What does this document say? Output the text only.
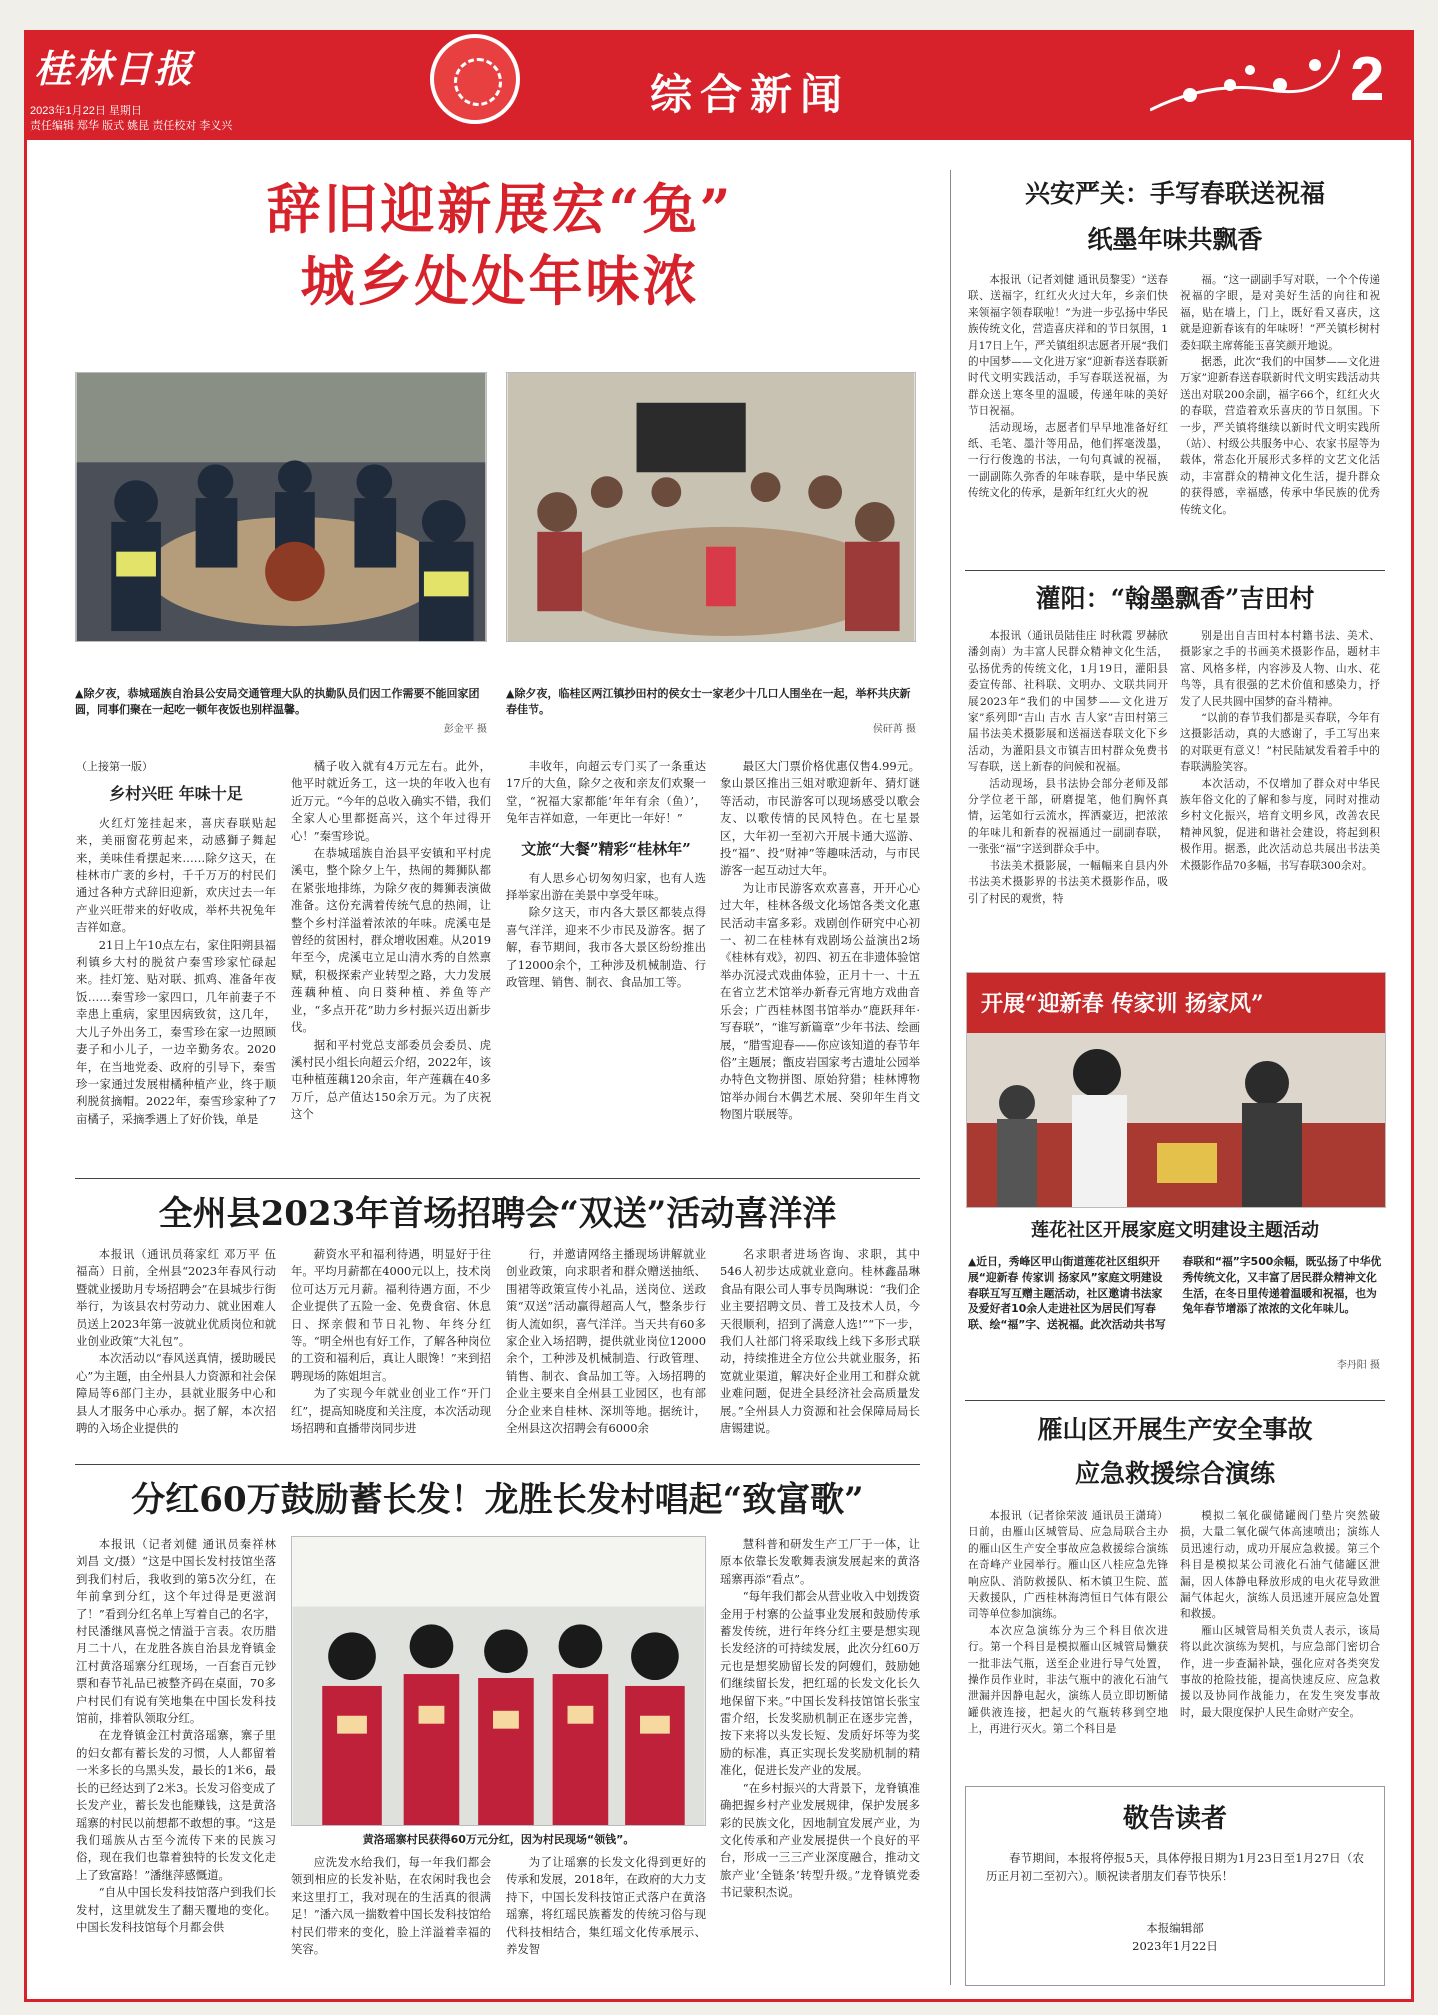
桂林日报
2023年1月22日 星期日
责任编辑 郑华 版式 姚昆 责任校对 李义兴
综合新闻	2
辞旧迎新展宏“兔”
城乡处处年味浓
▲除夕夜，恭城瑶族自治县公安局交通管理大队的执勤队员们因工作需要不能回家团圆，同事们聚在一起吃一顿年夜饭也别样温馨。
彭金平 摄
▲除夕夜，临桂区两江镇抄田村的侯女士一家老少十几口人围坐在一起，举杯共庆新春佳节。
侯矸苒 摄
（上接第一版）
乡村兴旺 年味十足

火红灯笼挂起来，喜庆春联贴起来，美丽窗花剪起来，动感獅子舞起来，美味佳肴摆起来……除夕这天，在桂林市广袤的乡村，千千万万的村民们通过各种方式辞旧迎新，欢庆过去一年产业兴旺带来的好收成，举杯共祝兔年吉祥如意。

21日上午10点左右，家住阳朔县福利镇乡大村的脱贫户秦雪珍家忙碌起来。挂灯笼、贴对联、抓鸡、准备年夜饭……秦雪珍一家四口，几年前妻子不幸患上重病，家里因病致贫，这几年，大儿子外出务工，秦雪珍在家一边照顾妻子和小儿子，一边辛勤务农。2020年，在当地党委、政府的引导下，秦雪珍一家通过发展柑橘种植产业，终于顺利脱贫摘帽。2022年，秦雪珍家种了7亩橘子，采摘季遇上了好价钱，单是

橘子收入就有4万元左右。此外，他平时就近务工，这一块的年收入也有近万元。“今年的总收入确实不错，我们全家人心里都挺高兴，这个年过得开心！”秦雪珍说。

在恭城瑶族自治县平安镇和平村虎溪屯，整个除夕上午，热闹的舞狮队都在紧张地排练，为除夕夜的舞狮表演做准备。这份充满着传统气息的热闹，让整个乡村洋溢着浓浓的年味。虎溪屯是曾经的贫困村，群众增收困难。从2019年至今，虎溪屯立足山清水秀的自然禀赋，积极探索产业转型之路，大力发展莲藕种植、向日葵种植、养鱼等产业，“多点开花”助力乡村振兴迈出新步伐。

据和平村党总支部委员会委员、虎溪村民小组长向超云介绍，2022年，该屯种植莲藕120余亩，年产莲藕在40多万斤，总产值达150余万元。为了庆祝这个

丰收年，向超云专门买了一条重达17斤的大鱼，除夕之夜和亲友们欢聚一堂，“祝福大家都能‘年年有余（鱼）’，兔年吉祥如意，一年更比一年好！”

文旅“大餐”精彩“桂林年”

有人思乡心切匆匆归家，也有人选择举家出游在美景中享受年味。

除夕这天，市内各大景区都装点得喜气洋洋，迎来不少市民及游客。据了解，春节期间，我市各大景区纷纷推出了12000余个，工种涉及机械制造、行政管理、销售、制衣、食品加工等。

最区大门票价格优惠仅售4.99元。象山景区推出三姐对歌迎新年、猜灯谜等活动，市民游客可以现场感受以歌会友、以歌传情的民风特色。在七星景区，大年初一至初六开展卡通大巡游、投“福”、投“财神”等趣味活动，与市民游客一起互动过大年。

为让市民游客欢欢喜喜，开开心心过大年，桂林各级文化场馆各类文化惠民活动丰富多彩。戏剧创作研究中心初一、初二在桂林有戏剧场公益演出2场《桂林有戏》，初四、初五在非遗体验馆举办沉浸式戏曲体验，正月十一、十五在省立艺术馆举办新春元宵地方戏曲音乐会；广西桂林图书馆举办“鹿跃拜年·写春联”，“谁写新篇章”少年书法、绘画展，“腊雪迎春——你应该知道的春节年俗”主题展；甑皮岩国家考古遗址公园举办特色文物拼图、原始狩猎；桂林博物馆举办闹台木偶艺术展、癸卯年生肖文物图片联展等。

全州县2023年首场招聘会“双送”活动喜洋洋

本报讯（通讯员蒋家红 邓万平 伍福高）日前，全州县“2023年春风行动暨就业援助月专场招聘会”在县城步行街举行，为该县农村劳动力、就业困难人员送上2023年第一波就业优质岗位和就业创业政策“大礼包”。

本次活动以“春风送真情，援助暖民心”为主题，由全州县人力资源和社会保障局等6部门主办，县就业服务中心和县人才服务中心承办。据了解，本次招聘的入场企业提供的

薪资水平和福利待遇，明显好于往年。平均月薪都在4000元以上，技术岗位可达万元月薪。福利待遇方面，不少企业提供了五险一金、免费食宿、休息日、探亲假和节日礼物、年终分红等。“明全州也有好工作，了解各种岗位的工资和福利后，真让人眼馋！”来到招聘现场的陈姐坦言。

为了实现今年就业创业工作“开门红”，提高知晓度和关注度，本次活动现场招聘和直播带岗同步进

行，并邀请网络主播现场讲解就业创业政策，向求职者和群众赠送抽纸、围裙等政策宣传小礼品，送岗位、送政策“双送”活动赢得超高人气，整条步行街人流如织，喜气洋洋。当天共有60多家企业入场招聘，提供就业岗位12000余个，工种涉及机械制造、行政管理、销售、制衣、食品加工等。入场招聘的企业主要来自全州县工业园区，也有部分企业来自桂林、深圳等地。据统计，全州县这次招聘会有6000余

名求职者进场咨询、求职，其中546人初步达成就业意向。桂林鑫晶琳食品有限公司人事专员陶琳说：“我们企业主要招聘文员、普工及技术人员，今天很顺利，招到了满意人选!”“下一步，我们人社部门将采取线上线下多形式联动，持续推进全方位公共就业服务，拓宽就业渠道，解决好企业用工和群众就业难问题，促进全县经济社会高质量发展。”全州县人力资源和社会保障局局长唐锡建说。

分红60万鼓励蓄长发！龙胜长发村唱起“致富歌”

本报讯（记者刘健 通讯员秦祥林 刘昌 文/摄）“这是中国长发村技馆坐落到我们村后，我收到的第5次分红，在年前拿到分红，这个年过得是更滋润了！”看到分红名单上写着自己的名字，村民潘继风喜悦之情溢于言表。农历腊月二十八，在龙胜各族自治县龙脊镇金江村黄洛瑶寨分红现场，一百套百元钞票和春节礼品已被整齐码在桌面，70多户村民们有说有笑地集在中国长发科技馆前，排着队领取分红。

在龙脊镇金江村黄洛瑶寨，寨子里的妇女都有蓄长发的习惯，人人都留着一米多长的乌黑头发，最长的1米6，最长的已经达到了2米3。长发习俗变成了长发产业，蓄长发也能赚钱，这是黄洛瑶寨的村民以前想都不敢想的事。“这是我们瑶族从古至今流传下来的民族习俗，现在我们也靠着独特的长发文化走上了致富路！”潘继萍感慨道。

“自从中国长发科技馆落户到我们长发村，这里就发生了翻天覆地的变化。中国长发科技馆每个月都会供

黄洛瑶寨村民获得60万元分红，因为村民现场“领钱”。

应洗发水给我们，每一年我们都会领到相应的长发补贴，在农闲时我也会来这里打工，我对现在的生活真的很满足！”潘六凤一揣数着中国长发科技馆给村民们带来的变化，脸上洋溢着幸福的笑容。

为了让瑶寨的长发文化得到更好的传承和发展，2018年，在政府的大力支持下，中国长发科技馆正式落户在黄洛瑶寨，将红瑶民族蓄发的传统习俗与现代科技相结合，集红瑶文化传承展示、养发智

慧科普和研发生产工厂于一体，让原本依靠长发歌舞表演发展起来的黄洛瑶寨再添“看点”。

“每年我们都会从营业收入中划拨资金用于村寨的公益事业发展和鼓励传承蓄发传统，进行年终分红主要是想实现长发经济的可持续发展，此次分红60万元也是想奖励留长发的阿嫂们，鼓励她们继续留长发，把红瑶的长发文化长久地保留下来。”中国长发科技馆馆长张宝雷介绍，长发奖励机制正在逐步完善，按下来将以头发长短、发质好坏等为奖励的标准，真正实现长发奖励机制的精准化，促进长发产业的发展。

“在乡村振兴的大背景下，龙脊镇准确把握乡村产业发展规律，保护发展多彩的民族文化，因地制宜发展产业，为文化传承和产业发展提供一个良好的平台，形成一三三产业深度融合，推动文旅产业‘全链条’转型升级。”龙脊镇党委书记蒙积杰说。

兴安严关：手写春联送祝福
纸墨年味共飘香

本报讯（记者刘健 通讯员黎雯）“送春联、送福字，红红火火过大年，乡亲们快来领福字领春联啦！”为进一步弘扬中华民族传统文化，营造喜庆祥和的节日氛围，1月17日上午，严关镇组织志愿者开展“我们的中国梦——文化进万家”迎新春送春联新时代文明实践活动，手写春联送祝福，为群众送上寒冬里的温暖，传递年味的美好节日祝福。

活动现场，志愿者们早早地准备好红纸、毛笔、墨汁等用品，他们挥毫泼墨，一行行俊逸的书法，一句句真诚的祝福，一副副陈久弥香的年味春联，是中华民族传统文化的传承，是新年红红火火的祝

福。“这一副副手写对联，一个个传递祝福的字眼，是对美好生活的向往和祝福，贴在墙上，门上，既好看又喜庆，这就是迎新春该有的年味呀！”严关镇杉树村委妇联主席蒋能玉喜笑颜开地说。

据悉，此次“我们的中国梦——文化进万家”迎新春送春联新时代文明实践活动共送出对联200余副，福字66个，红红火火的春联，营造着欢乐喜庆的节日氛围。下一步，严关镇将继续以新时代文明实践所（站）、村级公共服务中心、农家书屋等为载体，常态化开展形式多样的文艺文化活动，丰富群众的精神文化生活，提升群众的获得感，幸福感，传承中华民族的优秀传统文化。

灌阳：“翰墨飘香”吉田村

本报讯（通讯员陆佳庄 时秋霞 罗赫欣 潘剑南）为丰富人民群众精神文化生活，弘扬优秀的传统文化，1月19日，灌阳县委宣传部、社科联、文明办、文联共同开展2023年“我们的中国梦——文化进万家”系列即“吉山 吉水 吉人家”吉田村第三届书法美术摄影展和送福送春联文化下乡活动，为灌阳县文市镇吉田村群众免费书写春联，送上新春的问候和祝福。

活动现场，县书法协会部分老师及部分学位老干部，研磨提笔，他们胸怀真情，运笔如行云流水，挥洒豪迈，把浓浓的年味儿和新春的祝福通过一副副春联，一张张“福”字送到群众手中。

书法美术摄影展，一幅幅来自县内外书法美术摄影界的书法美术摄影作品，吸引了村民的观赏，特

别是出自吉田村本村籍书法、美术、摄影家之手的书画美术摄影作品，题材丰富、风格多样，内容涉及人物、山水、花鸟等，具有很强的艺术价值和感染力，抒发了人民共圆中国梦的奋斗精神。

“以前的春节我们都是买春联，今年有这摄影活动，真的大感谢了，手工写出来的对联更有意义！”村民陆斌发看着手中的春联满脸笑容。

本次活动，不仅增加了群众对中华民族年俗文化的了解和参与度，同时对推动乡村文化振兴，培育文明乡风，改善农民精神风貌，促进和谐社会建设，将起到积极作用。据悉，此次活动总共展出书法美术摄影作品70多幅，书写春联300余对。

开展“迎新春 传家训 扬家风”
莲花社区开展家庭文明建设主题活动
▲近日，秀峰区甲山街道莲花社区组织开展“迎新春 传家训 扬家风”家庭文明建设春联互写互赠主题活动，社区邀请书法家及爱好者10余人走进社区为居民们写春联、绘“福”字、送祝福。此次活动共书写春联和“福”字500余幅，既弘扬了中华优秀传统文化，又丰富了居民群众精神文化生活，在冬日里传递着温暖和祝福，也为兔年春节增添了浓浓的文化年味儿。
李丹阳 摄
雁山区开展生产安全事故
应急救援综合演练

本报讯（记者徐荣波 通讯员王潇琦）日前，由雁山区城管局、应急局联合主办的雁山区生产安全事故应急救援综合演练在奇峰产业园举行。雁山区八桂应急先锋响应队、消防救援队、柘木镇卫生院、蓝天救援队，广西桂林海湾恒日气体有限公司等单位参加演练。

本次应急演练分为三个科目依次进行。第一个科目是模拟雁山区城管局懒获一批非法气瓶，送至企业进行导气处置，操作员作业时，非法气瓶中的液化石油气泄漏并因静电起火，演练人员立即切断储罐供液连接，把起火的气瓶转移到空地上，再进行灭火。第二个科目是

模拟二氧化碳储罐阀门垫片突然破损，大量二氧化碳气体高速喷出；演练人员迅速行动，成功开展应急救援。第三个科目是模拟某公司液化石油气储罐区泄漏，因人体静电释放形成的电火花导致泄漏气体起火，演练人员迅速开展应急处置和救援。

雁山区城管局相关负责人表示，该局将以此次演练为契机，与应急部门密切合作，进一步查漏补缺，强化应对各类突发事故的抢险技能，提高快速反应、应急救援以及协同作战能力，在发生突发事故时，最大限度保护人民生命财产安全。

敬告读者

春节期间，本报将停报5天，具体停报日期为1月23日至1月27日（农历正月初二至初六）。顺祝读者朋友们春节快乐！

本报编辑部
2023年1月22日
